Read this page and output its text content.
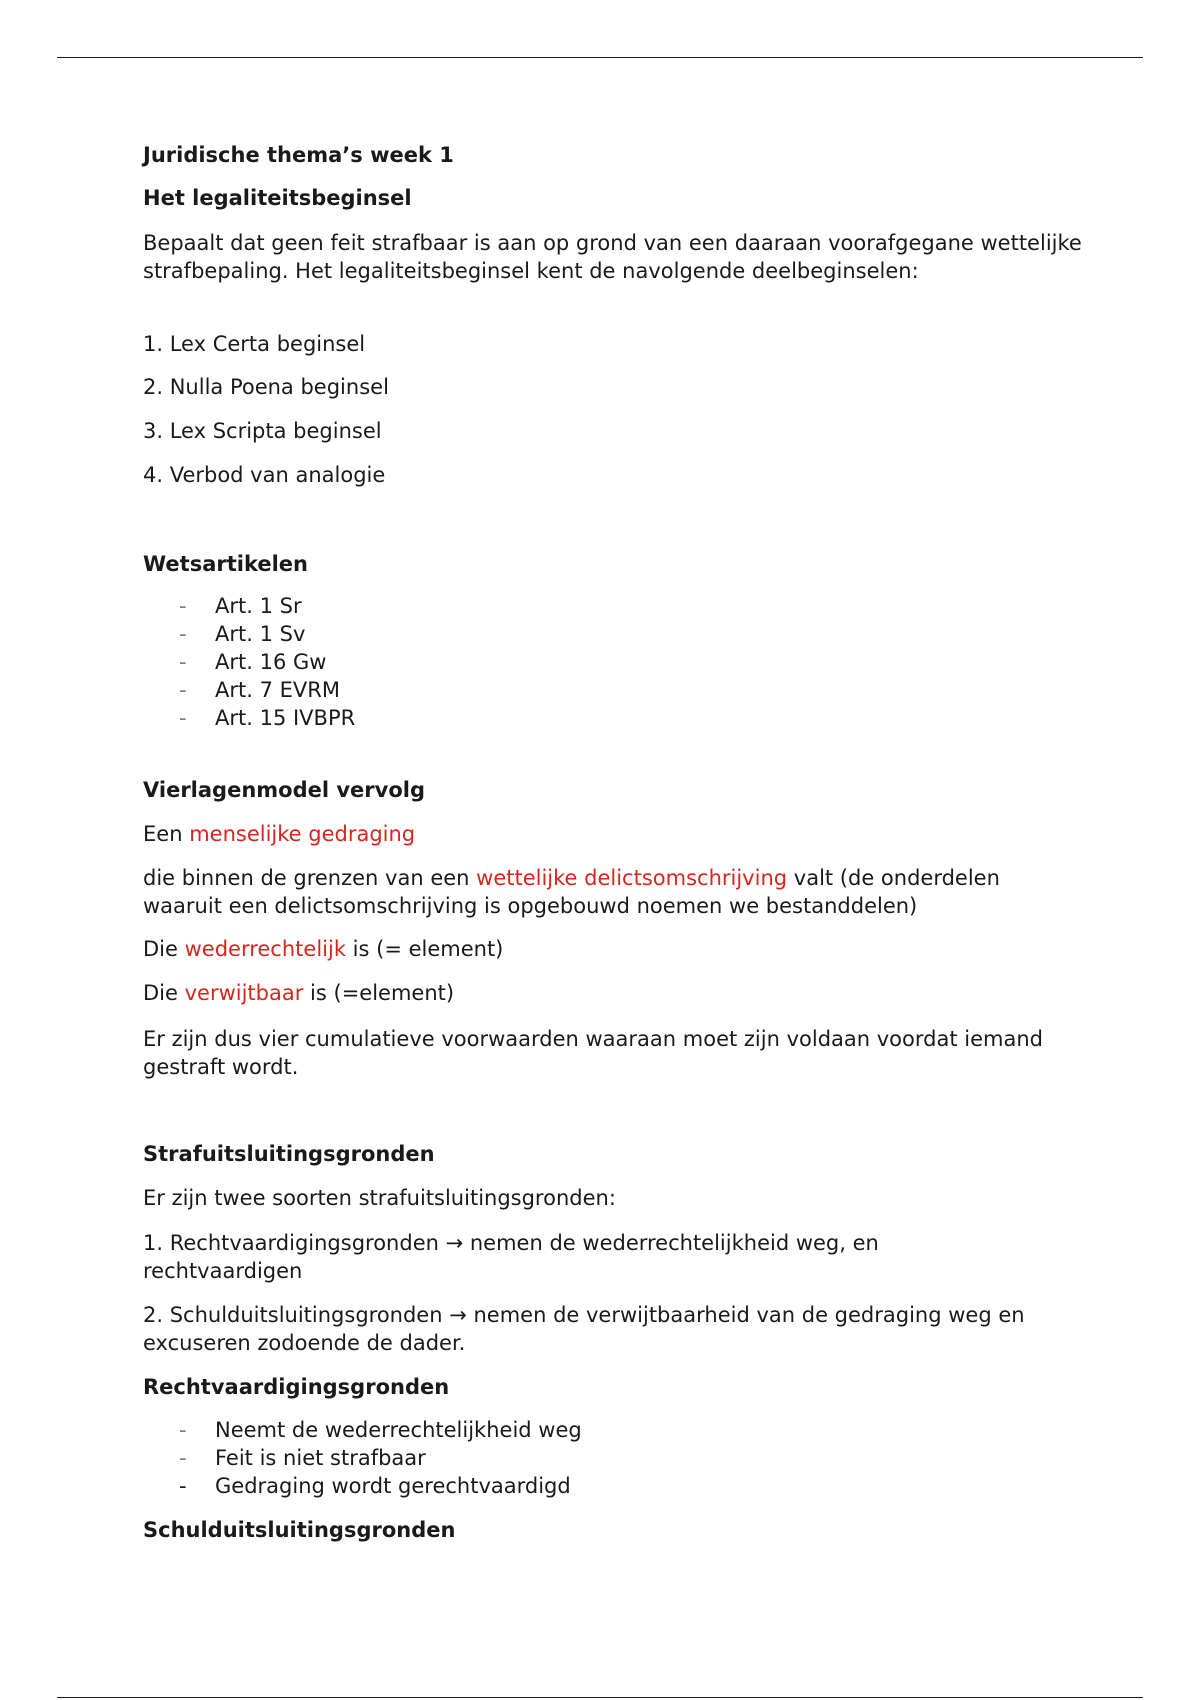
Juridische thema’s week 1
Het legaliteitsbeginsel
Bepaalt dat geen feit strafbaar is aan op grond van een daaraan voorafgegane wettelijke strafbepaling. Het legaliteitsbeginsel kent de navolgende deelbeginselen:
1. Lex Certa beginsel
2. Nulla Poena beginsel
3. Lex Scripta beginsel
4. Verbod van analogie
Wetsartikelen
- Art. 1 Sr
- Art. 1 Sv
- Art. 16 Gw
- Art. 7 EVRM
- Art. 15 IVBPR
Vierlagenmodel vervolg
Een menselijke gedraging
die binnen de grenzen van een wettelijke delictsomschrijving valt (de onderdelen waaruit een delictsomschrijving is opgebouwd noemen we bestanddelen)
Die wederrechtelijk is (= element)
Die verwijtbaar is (=element)
Er zijn dus vier cumulatieve voorwaarden waaraan moet zijn voldaan voordat iemand gestraft wordt.
Strafuitsluitingsgronden
Er zijn twee soorten strafuitsluitingsgronden:
1. Rechtvaardigingsgronden → nemen de wederrechtelijkheid weg, en rechtvaardigen
2. Schulduitsluitingsgronden → nemen de verwijtbaarheid van de gedraging weg en excuseren zodoende de dader.
Rechtvaardigingsgronden
- Neemt de wederrechtelijkheid weg
- Feit is niet strafbaar
- Gedraging wordt gerechtvaardigd
Schulduitsluitingsgronden
